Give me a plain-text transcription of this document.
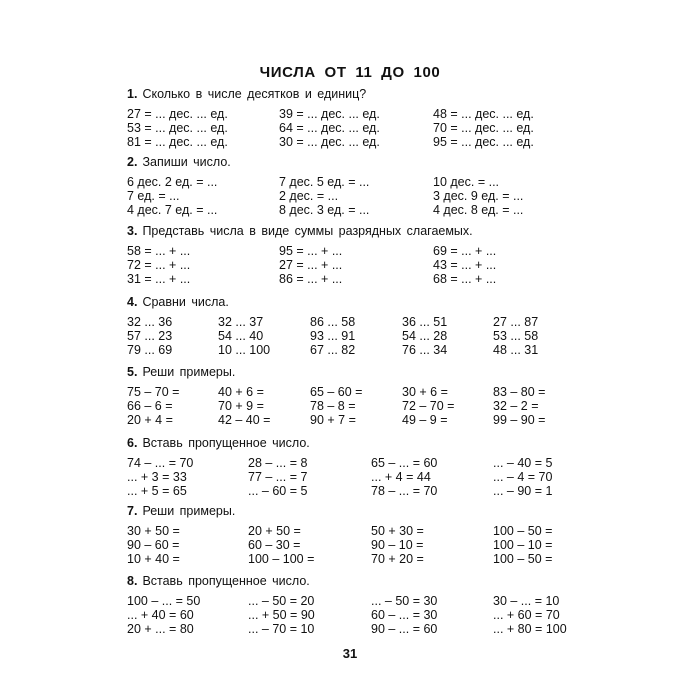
ЧИСЛА ОТ 11 ДО 100
1. Сколько в числе десятков и единиц?
27 = ... дес. ... ед.	39 = ... дес. ... ед.	48 = ... дес. ... ед.
53 = ... дес. ... ед.	64 = ... дес. ... ед.	70 = ... дес. ... ед.
81 = ... дес. ... ед.	30 = ... дес. ... ед.	95 = ... дес. ... ед.
2. Запиши число.
6 дес. 2 ед. = ...	7 дес. 5 ед. = ...	10 дес. = ...
7 ед. = ...	2 дес. = ...	3 дес. 9 ед. = ...
4 дес. 7 ед. = ...	8 дес. 3 ед. = ...	4 дес. 8 ед. = ...
3. Представь числа в виде суммы разрядных слагаемых.
58 = ... + ...	95 = ... + ...	69 = ... + ...
72 = ... + ...	27 = ... + ...	43 = ... + ...
31 = ... + ...	86 = ... + ...	68 = ... + ...
4. Сравни числа.
32 ... 36	32 ... 37	86 ... 58	36 ... 51	27 ... 87
57 ... 23	54 ... 40	93 ... 91	54 ... 28	53 ... 58
79 ... 69	10 ... 100	67 ... 82	76 ... 34	48 ... 31
5. Реши примеры.
75 – 70 =	40 + 6 =	65 – 60 =	30 + 6 =	83 – 80 =
66 – 6 =	70 + 9 =	78 – 8 =	72 – 70 =	32 – 2 =
20 + 4 =	42 – 40 =	90 + 7 =	49 – 9 =	99 – 90 =
6. Вставь пропущенное число.
74 – ... = 70	28 – ... = 8	65 – ... = 60	... – 40 = 5
... + 3 = 33	77 – ... = 7	... + 4 = 44	... – 4 = 70
... + 5 = 65	... – 60 = 5	78 – ... = 70	... – 90 = 1
7. Реши примеры.
30 + 50 =	20 + 50 =	50 + 30 =	100 – 50 =
90 – 60 =	60 – 30 =	90 – 10 =	100 – 10 =
10 + 40 =	100 – 100 =	70 + 20 =	100 – 50 =
8. Вставь пропущенное число.
100 – ... = 50	... – 50 = 20	... – 50 = 30	30 – ... = 10
... + 40 = 60	... + 50 = 90	60 – ... = 30	... + 60 = 70
20 + ... = 80	... – 70 = 10	90 – ... = 60	... + 80 = 100
31
